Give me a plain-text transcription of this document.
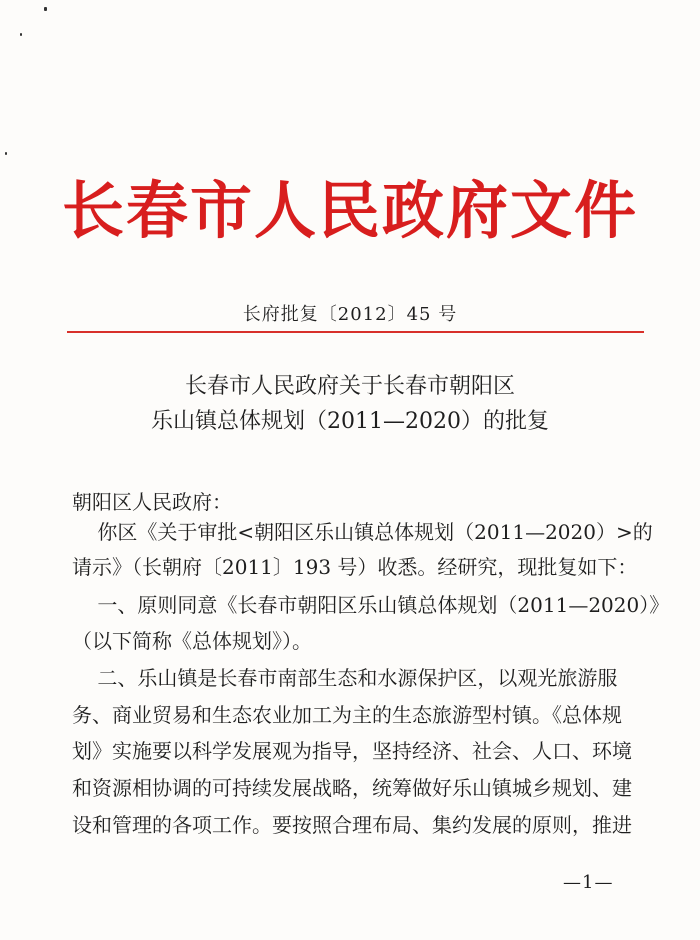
长春市人民政府文件
长府批复〔2012〕45 号
长春市人民政府关于长春市朝阳区
乐山镇总体规划（2011—2020）的批复
朝阳区人民政府：
你区《关于审批<朝阳区乐山镇总体规划（2011—2020）>的
请示》（长朝府〔2011〕193 号）收悉。经研究，现批复如下：
一、原则同意《长春市朝阳区乐山镇总体规划（2011—2020）》
（以下简称《总体规划》）。
二、乐山镇是长春市南部生态和水源保护区，以观光旅游服
务、商业贸易和生态农业加工为主的生态旅游型村镇。《总体规
划》实施要以科学发展观为指导，坚持经济、社会、人口、环境
和资源相协调的可持续发展战略，统筹做好乐山镇城乡规划、建
设和管理的各项工作。要按照合理布局、集约发展的原则，推进
—1—
